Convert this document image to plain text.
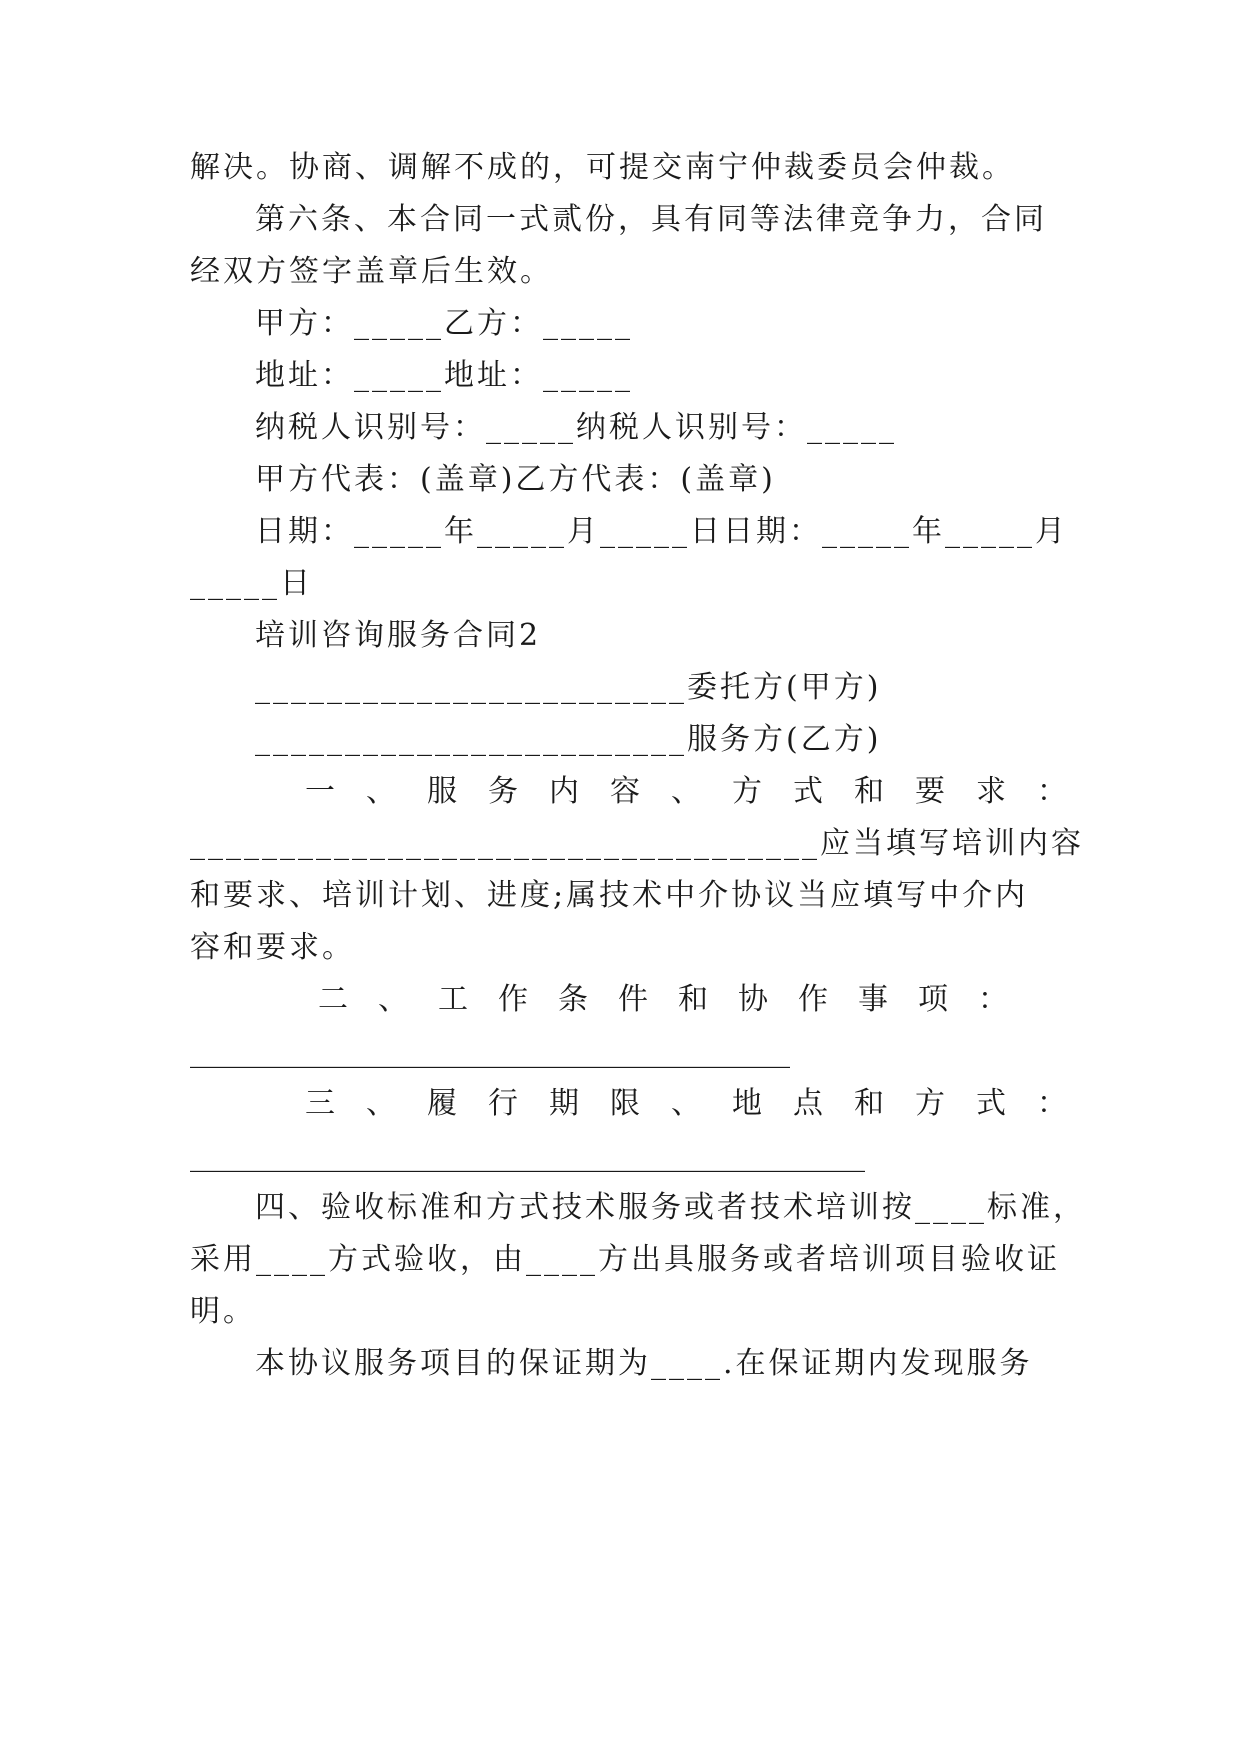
解决。协商、调解不成的，可提交南宁仲裁委员会仲裁。
第六条、本合同一式贰份，具有同等法律竞争力，合同
经双方签字盖章后生效。
甲方：_____乙方：_____
地址：_____地址：_____
纳税人识别号：_____纳税人识别号：_____
甲方代表：(盖章)乙方代表：(盖章)
日期：_____年_____月_____日日期：_____年_____月
_____日
培训咨询服务合同2
________________________委托方(甲方)
________________________服务方(乙方)
一、服务内容、方式和要求：
___________________________________应当填写培训内容
和要求、培训计划、进度;属技术中介协议当应填写中介内
容和要求。
二、工作条件和协作事项：
________________________________________
三、履行期限、地点和方式：
_____________________________________________
四、验收标准和方式技术服务或者技术培训按____标准，
采用____方式验收，由____方出具服务或者培训项目验收证
明。
本协议服务项目的保证期为____.在保证期内发现服务
